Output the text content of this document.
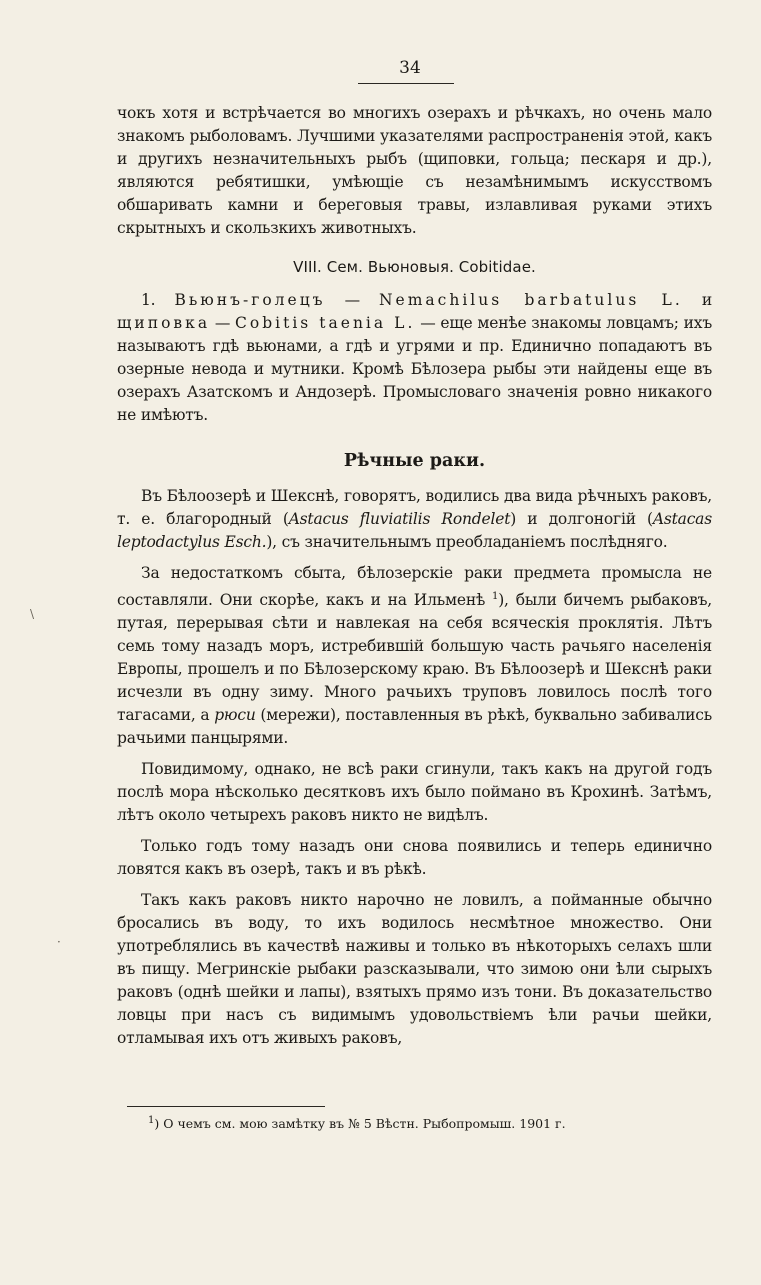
34

чокъ хотя и встрѣчается во многихъ озерахъ и рѣчкахъ, но очень мало знакомъ рыболовамъ. Лучшими указателями распространенія этой, какъ и другихъ незначительныхъ рыбъ (щиповки, гольца; пескаря и др.), являются ребятишки, умѣющіе съ незамѣнимымъ искусствомъ обшаривать камни и береговыя травы, излавливая руками этихъ скрытныхъ и скользкихъ животныхъ.

VIII. Сем. Вьюновыя. Cobitidae.

1. Вьюнъ-голецъ — Nemachilus barbatulus L. и щиповка — Cobitis taenia L. — еще менѣе знакомы ловцамъ; ихъ называютъ гдѣ вьюнами, а гдѣ и угрями и пр. Единично попадаютъ въ озерные невода и мутники. Кромѣ Бѣлозера рыбы эти найдены еще въ озерахъ Азатскомъ и Андозерѣ. Промысловаго значенія ровно никакого не имѣютъ.

Рѣчные раки.

Въ Бѣлоозерѣ и Шекснѣ, говорятъ, водились два вида рѣчныхъ раковъ, т. е. благородный (Astacus fluviatilis Rondelet) и долгоногій (Astacas leptodactylus Esch.), съ значительнымъ преобладаніемъ послѣдняго.

За недостаткомъ сбыта, бѣлозерскіе раки предмета промысла не составляли. Они скорѣе, какъ и на Ильменѣ $^1$), были бичемъ рыбаковъ, путая, перерывая сѣти и навлекая на себя всяческія проклятія. Лѣтъ семь тому назадъ моръ, истребившій большую часть рачьяго населенія Европы, прошелъ и по Бѣлозерскому краю. Въ Бѣлоозерѣ и Шекснѣ раки исчезли въ одну зиму. Много рачьихъ труповъ ловилось послѣ того тагасами, а рюси (мережи), поставленныя въ рѣкѣ, буквально забивались рачьими панцырями.

Повидимому, однако, не всѣ раки сгинули, такъ какъ на другой годъ послѣ мора нѣсколько десятковъ ихъ было поймано въ Крохинѣ. Затѣмъ, лѣтъ около четырехъ раковъ никто не видѣлъ.

Только годъ тому назадъ они снова появились и теперь единично ловятся какъ въ озерѣ, такъ и въ рѣкѣ.

Такъ какъ раковъ никто нарочно не ловилъ, а пойманные обычно бросались въ воду, то ихъ водилось несмѣтное множество. Они употреблялись въ качествѣ наживы и только въ нѣкоторыхъ селахъ шли въ пищу. Мегринскіе рыбаки разсказывали, что зимою они ѣли сырыхъ раковъ (однѣ шейки и лапы), взятыхъ прямо изъ тони. Въ доказательство ловцы при насъ съ видимымъ удовольствіемъ ѣли рачьи шейки, отламывая ихъ отъ живыхъ раковъ,

$^1$) О чемъ см. мою замѣтку въ № 5 Вѣстн. Рыбопромыш. 1901 г.
\
·
